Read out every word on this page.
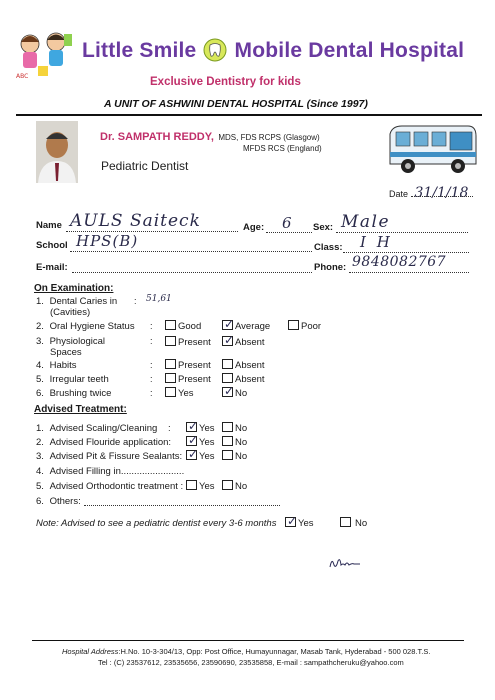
ABC
Little Smile Mobile Dental Hospital
Exclusive Dentistry for kids
A UNIT OF ASHWINI DENTAL HOSPITAL (Since 1997)
Dr. SAMPATH REDDY, MDS, FDS RCPS (Glasgow)
MFDS RCS (England)
Pediatric Dentist
Date 31/1/18
Name AULS Saiteck	Age: 6 Sex: Male
School HPS(B)	Class: I H
E-mail:	Phone: 9848082767
On Examination:
1. Dental Caries in
(Cavities)
: 51,61
2. Oral Hygiene Status :	Good ✓ Average	Poor
3. Physiological
Spaces
:	Present ✓ Absent
4. Habits	:	Present	Absent
5. Irregular teeth	:	Present	Absent
6. Brushing twice	:	Yes	✓ No
Advised Treatment:
1. Advised Scaling/Cleaning : ✓ Yes	No
2. Advised Flouride application: ✓ Yes	No
3. Advised Pit & Fissure Sealants: ✓ Yes	No
4. Advised Filling in........................
5. Advised Orthodontic treatment :	Yes	No
6. Others:
Note: Advised to see a pediatric dentist every 3-6 months ✓ Yes	No
Hospital Address:H.No. 10-3-304/13, Opp: Post Office, Humayunnagar, Masab Tank, Hyderabad - 500 028.T.S.
Tel : (C) 23537612, 23535656, 23590690, 23535858, E-mail : sampathcheruku@yahoo.com
